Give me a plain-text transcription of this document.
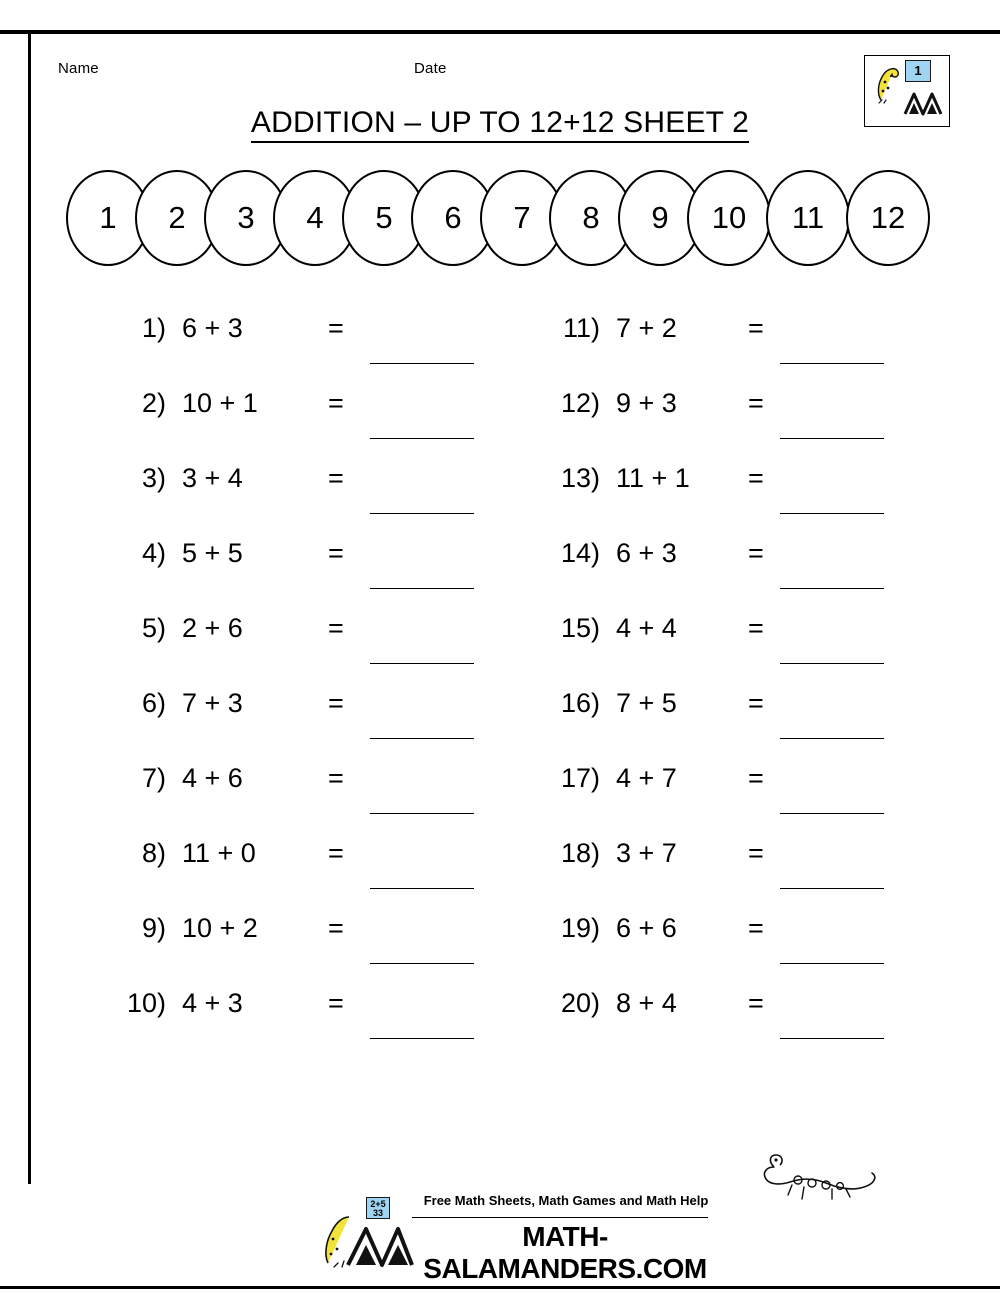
Name	Date	1
ADDITION – UP TO 12+12 SHEET 2
1	2	3	4	5	6	7	8	9	10	11	12
1) 6 + 3	=
2) 10 + 1	=
3) 3 + 4	=
4) 5 + 5	=
5) 2 + 6	=
6) 7 + 3	=
7) 4 + 6	=
8) 11 + 0	=
9) 10 + 2	=
10) 4 + 3	=
11) 7 + 2	=
12) 9 + 3	=
13) 11 + 1 =
14) 6 + 3	=
15) 4 + 4	=
16) 7 + 5	=
17) 4 + 7	=
18) 3 + 7	=
19) 6 + 6	=
20) 8 + 4	=
2+5
33
Free Math Sheets, Math Games and Math Help
MATH-SALAMANDERS.COM
